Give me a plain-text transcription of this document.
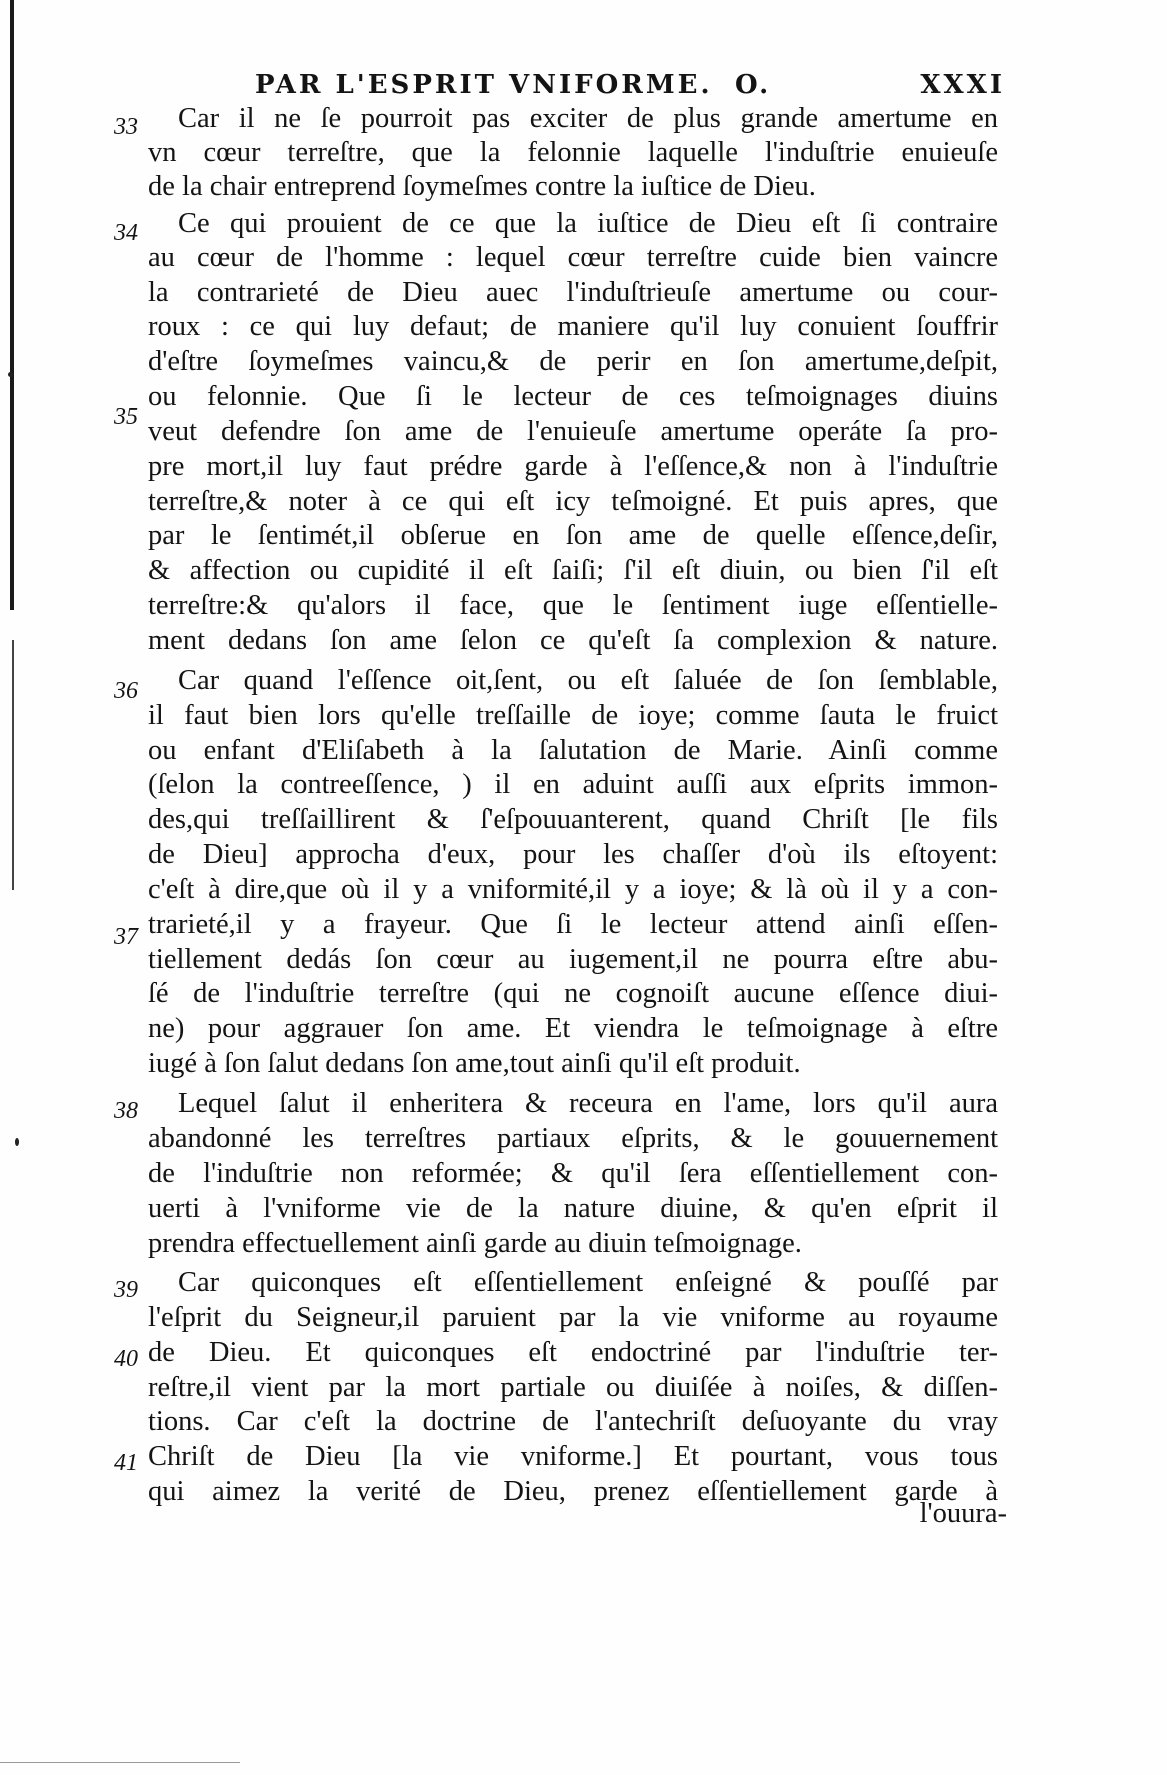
PAR L'ESPRIT VNIFORME. O.	XXXI
33
34
35
36
37
38
39
40
41
Car il ne ſe pourroit pas exciter de plus grande amertume en
vn cœur terreſtre, que la felonnie laquelle l'induſtrie enuieuſe
de la chair entreprend ſoymeſmes contre la iuſtice de Dieu.
Ce qui prouient de ce que la iuſtice de Dieu eſt ſi contraire
au cœur de l'homme : lequel cœur terreſtre cuide bien vaincre
la contrarieté de Dieu auec l'induſtrieuſe amertume ou cour-
roux : ce qui luy defaut; de maniere qu'il luy conuient ſouffrir
d'eſtre ſoymeſmes vaincu,& de perir en ſon amertume,deſpit,
ou felonnie. Que ſi le lecteur de ces teſmoignages diuins
veut defendre ſon ame de l'enuieuſe amertume operáte ſa pro-
pre mort,il luy faut prédre garde à l'eſſence,& non à l'induſtrie
terreſtre,& noter à ce qui eſt icy teſmoigné. Et puis apres, que
par le ſentimét,il obſerue en ſon ame de quelle eſſence,deſir,
& affection ou cupidité il eſt ſaiſi; ſ'il eſt diuin, ou bien ſ'il eſt
terreſtre:& qu'alors il face, que le ſentiment iuge eſſentielle-
ment dedans ſon ame ſelon ce qu'eſt ſa complexion & nature.
Car quand l'eſſence oit,ſent, ou eſt ſaluée de ſon ſemblable,
il faut bien lors qu'elle treſſaille de ioye; comme ſauta le fruict
ou enfant d'Eliſabeth à la ſalutation de Marie. Ainſi comme
(ſelon la contreeſſence, ) il en aduint auſſi aux eſprits immon-
des,qui treſſaillirent & ſ'eſpouuanterent, quand Chriſt [le fils
de Dieu] approcha d'eux, pour les chaſſer d'où ils eſtoyent:
c'eſt à dire,que où il y a vniformité,il y a ioye; & là où il y a con-
trarieté,il y a frayeur. Que ſi le lecteur attend ainſi eſſen-
tiellement dedás ſon cœur au iugement,il ne pourra eſtre abu-
ſé de l'induſtrie terreſtre (qui ne cognoiſt aucune eſſence diui-
ne) pour aggrauer ſon ame. Et viendra le teſmoignage à eſtre
iugé à ſon ſalut dedans ſon ame,tout ainſi qu'il eſt produit.
Lequel ſalut il enheritera & receura en l'ame, lors qu'il aura
abandonné les terreſtres partiaux eſprits, & le gouuernement
de l'induſtrie non reformée; & qu'il ſera eſſentiellement con-
uerti à l'vniforme vie de la nature diuine, & qu'en eſprit il
prendra effectuellement ainſi garde au diuin teſmoignage.
Car quiconques eſt eſſentiellement enſeigné & pouſſé par
l'eſprit du Seigneur,il paruient par la vie vniforme au royaume
de Dieu. Et quiconques eſt endoctriné par l'induſtrie ter-
reſtre,il vient par la mort partiale ou diuiſée à noiſes, & diſſen-
tions. Car c'eſt la doctrine de l'antechriſt deſuoyante du vray
Chriſt de Dieu [la vie vniforme.] Et pourtant, vous tous
qui aimez la verité de Dieu, prenez eſſentiellement garde à
l'ouura-
